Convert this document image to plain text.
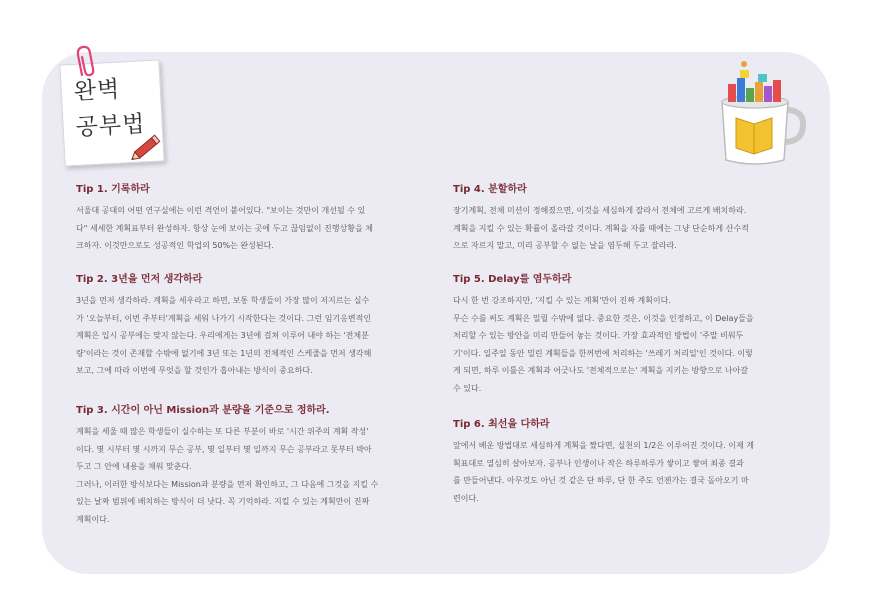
완벽
공부법
Tip 1. 기록하라

서울대 공대의 어떤 연구실에는 이런 격언이 붙어있다. "보이는 것만이 개선될 수 있
다" 세세한 계획표부터 완성하자. 항상 눈에 보이는 곳에 두고 끊임없이 진행상황을 체
크하자. 이것만으로도 성공적인 학업의 50%는 완성된다.

Tip 2. 3년을 먼저 생각하라

3년을 먼저 생각하라. 계획을 세우라고 하면, 보통 학생들이 가장 많이 저지르는 실수
가 '오늘부터, 이번 주부터'계획을 세워 나가기 시작한다는 것이다. 그런 임기응변적인
계획은 입시 공부에는 맞지 않는다. 우리에게는 3년에 걸쳐 이루어 내야 하는 '전체분
량'이라는 것이 존재할 수밖에 없기에 3년 또는 1년의 전체적인 스케줄을 먼저 생각해
보고, 그에 따라 이번에 무엇을 할 것인가 홉아내는 방식이 중요하다.

Tip 3. 시간이 아닌 Mission과 분량을 기준으로 정하라.

계획을 세울 때 많은 학생들이 실수하는 또 다른 부분이 바로 '시간 위주의 계획 작성'
이다. 몇 시부터 몇 시까지 무슨 공부, 몇 일부터 몇 일까지 무슨 공부라고 못부터 박아
두고 그 안에 내용을 채워 맞춘다.
그러나, 이러한 방식보다는 Mission과 분량을 먼저 확인하고, 그 다음에 그것을 지킬 수
있는 날짜 범위에 배치하는 방식이 더 낫다. 꼭 기억하라. 지킬 수 있는 계획만이 진짜
계획이다.

Tip 4. 분할하라

장기계획, 전체 미션이 정해졌으면, 이것을 세심하게 잘라서 전체에 고르게 배치하라.
계획을 지킬 수 있는 확률이 올라갈 것이다. 계획을 자를 때에는 그냥 단순하게 산수적
으로 자르지 말고, 미리 공부할 수 없는 날을 염두해 두고 잘라라.

Tip 5. Delay를 염두하라

다시 한 번 강조하지만, '지킬 수 있는 계획'만이 진짜 계획이다.
무슨 수를 써도 계획은 밀릴 수밖에 없다. 중요한 것은, 이것을 인정하고, 이 Delay들을
처리할 수 있는 방안을 미리 만들어 놓는 것이다. 가장 효과적인 방법이 '주말 비워두
기'이다. 일주일 동안 밀린 계획들을 한꺼번에 처리하는 '쓰레기 처리일'인 것이다. 이렇
게 되면, 하루 이틀은 계획과 어긋나도 '전체적으로는' 계획을 지키는 방향으로 나아갈
수 있다.

Tip 6. 최선을 다하라

앞에서 배운 방법대로 세심하게 계획을 짰다면, 실천의 1/2은 이루어진 것이다. 이제 계
획표대로 열심히 살아보자. 공부나 인생이나 작은 하루하루가 쌓이고 쌓여 최종 결과
를 만들어낸다. 아무것도 아닌 것 같은 단 하루, 단 한 주도 언젠가는 결국 돌아오기 마
련이다.
